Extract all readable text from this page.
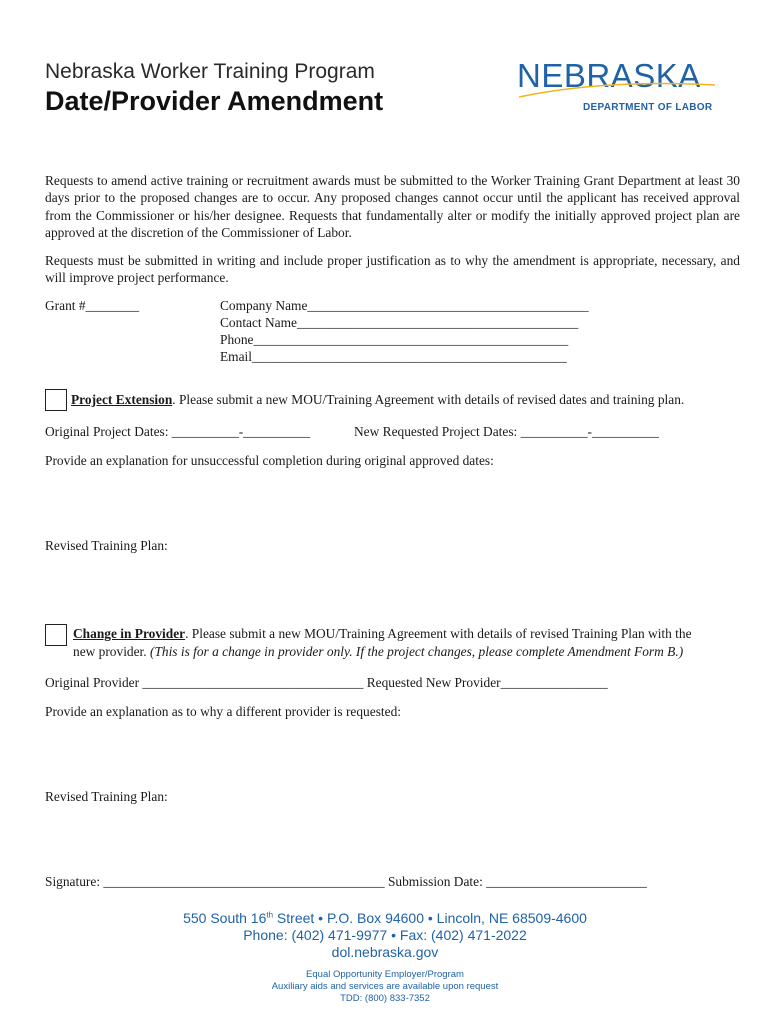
Nebraska Worker Training Program
Date/Provider Amendment
NEBRASKA
DEPARTMENT OF LABOR
Requests to amend active training or recruitment awards must be submitted to the Worker Training Grant Department at least 30 days prior to the proposed changes are to occur. Any proposed changes cannot occur until the applicant has received approval from the Commissioner or his/her designee. Requests that fundamentally alter or modify the initially approved project plan are approved at the discretion of the Commissioner of Labor.
Requests must be submitted in writing and include proper justification as to why the amendment is appropriate, necessary, and will improve project performance.
Grant #________	Company Name__________________________________________
Contact Name__________________________________________
Phone_______________________________________________
Email_______________________________________________
Project Extension. Please submit a new MOU/Training Agreement with details of revised dates and training plan.
Original Project Dates: __________-__________	New Requested Project Dates: __________-__________
Provide an explanation for unsuccessful completion during original approved dates:
Revised Training Plan:
Change in Provider. Please submit a new MOU/Training Agreement with details of revised Training Plan with the
new provider. (This is for a change in provider only. If the project changes, please complete Amendment Form B.)
Original Provider _________________________________ Requested New Provider________________
Provide an explanation as to why a different provider is requested:
Revised Training Plan:
Signature: __________________________________________ Submission Date: ________________________
550 South 16th Street • P.O. Box 94600 • Lincoln, NE 68509-4600
Phone: (402) 471-9977 • Fax: (402) 471-2022
dol.nebraska.gov
Equal Opportunity Employer/Program
Auxiliary aids and services are available upon request
TDD: (800) 833-7352
